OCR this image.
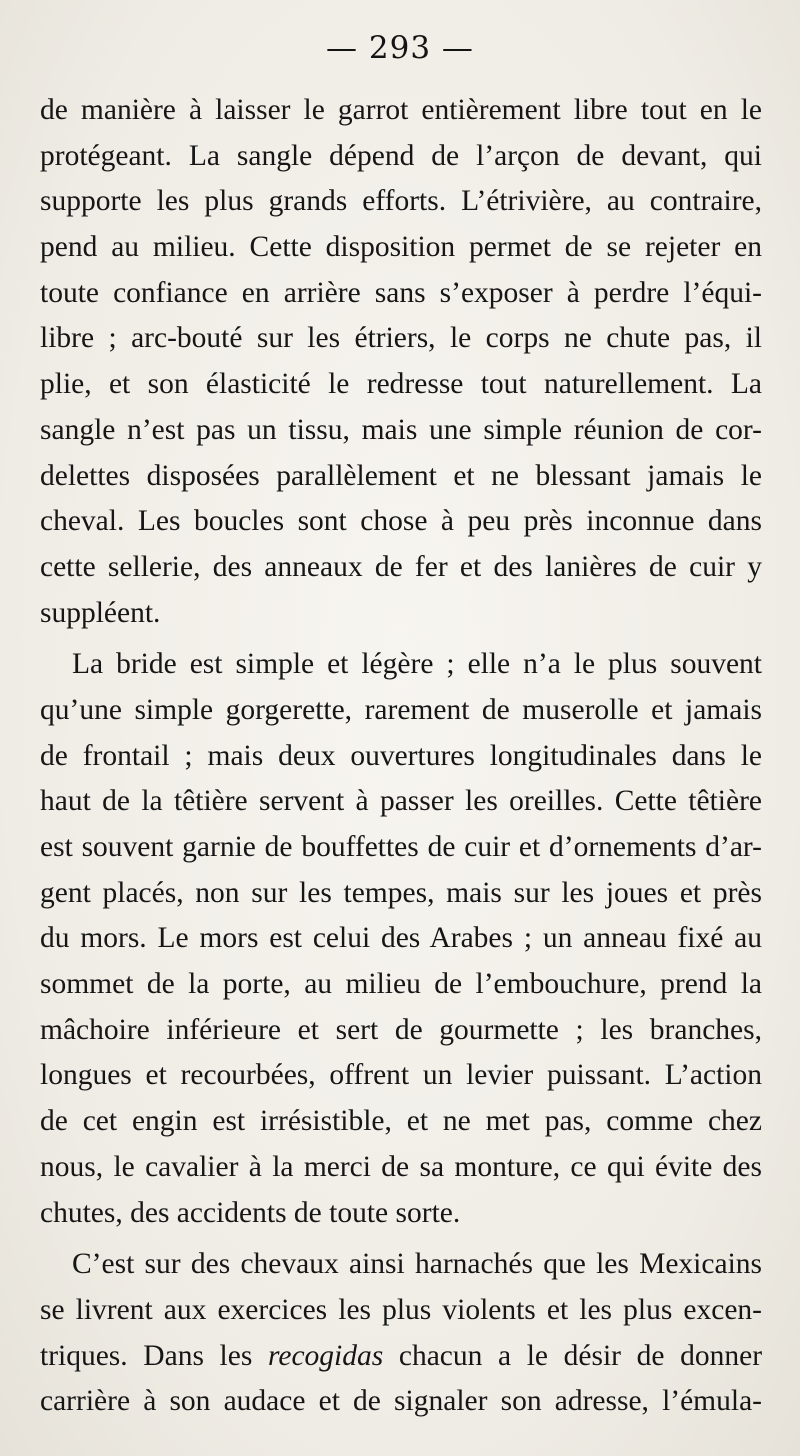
— 293 —
de manière à laisser le garrot entièrement libre tout en le
protégeant. La sangle dépend de l’arçon de devant, qui
supporte les plus grands efforts. L’étrivière, au contraire,
pend au milieu. Cette disposition permet de se rejeter en
toute confiance en arrière sans s’exposer à perdre l’équi-
libre ; arc-bouté sur les étriers, le corps ne chute pas, il
plie, et son élasticité le redresse tout naturellement. La
sangle n’est pas un tissu, mais une simple réunion de cor-
delettes disposées parallèlement et ne blessant jamais le
cheval. Les boucles sont chose à peu près inconnue dans
cette sellerie, des anneaux de fer et des lanières de cuir y
suppléent.
La bride est simple et légère ; elle n’a le plus souvent
qu’une simple gorgerette, rarement de muserolle et jamais
de frontail ; mais deux ouvertures longitudinales dans le
haut de la têtière servent à passer les oreilles. Cette têtière
est souvent garnie de bouffettes de cuir et d’ornements d’ar-
gent placés, non sur les tempes, mais sur les joues et près
du mors. Le mors est celui des Arabes ; un anneau fixé au
sommet de la porte, au milieu de l’embouchure, prend la
mâchoire inférieure et sert de gourmette ; les branches,
longues et recourbées, offrent un levier puissant. L’action
de cet engin est irrésistible, et ne met pas, comme chez
nous, le cavalier à la merci de sa monture, ce qui évite des
chutes, des accidents de toute sorte.
C’est sur des chevaux ainsi harnachés que les Mexicains
se livrent aux exercices les plus violents et les plus excen-
triques. Dans les recogidas chacun a le désir de donner
carrière à son audace et de signaler son adresse, l’émula-
